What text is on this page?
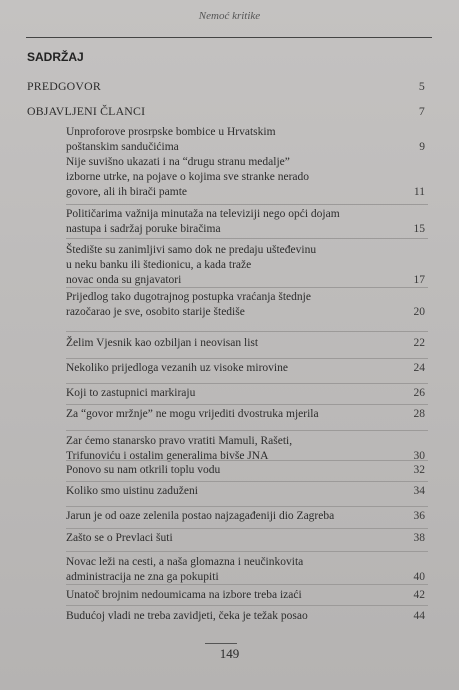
Nemoć kritike
SADRŽAJ
PREDGOVOR	5
OBJAVLJENI ČLANCI	7
Unproforove prosrpske bombice u Hrvatskim
poštanskim sandučićima	9
Nije suvišno ukazati i na “drugu stranu medalje”
izborne utrke, na pojave o kojima sve stranke nerado
govore, ali ih birači pamte	11
Političarima važnija minutaža na televiziji nego opći dojam
nastupa i sadržaj poruke biračima	15
Štedište su zanimljivi samo dok ne predaju ušteđevinu
u neku banku ili štedionicu, a kada traže
novac onda su gnjavatori	17
Prijedlog tako dugotrajnog postupka vraćanja štednje
razočarao je sve, osobito starije štediše	20
Želim Vjesnik kao ozbiljan i neovisan list	22
Nekoliko prijedloga vezanih uz visoke mirovine	24
Koji to zastupnici markiraju	26
Za “govor mržnje” ne mogu vrijediti dvostruka mjerila	28
Zar ćemo stanarsko pravo vratiti Mamuli, Rašeti,
Trifunoviću i ostalim generalima bivše JNA	30
Ponovo su nam otkrili toplu vodu	32
Koliko smo uistinu zaduženi	34
Jarun je od oaze zelenila postao najzagađeniji dio Zagreba	36
Zašto se o Prevlaci šuti	38
Novac leži na cesti, a naša glomazna i neučinkovita
administracija ne zna ga pokupiti	40
Unatoč brojnim nedoumicama na izbore treba izaći	42
Budućoj vladi ne treba zavidjeti, čeka je težak posao	44
149
